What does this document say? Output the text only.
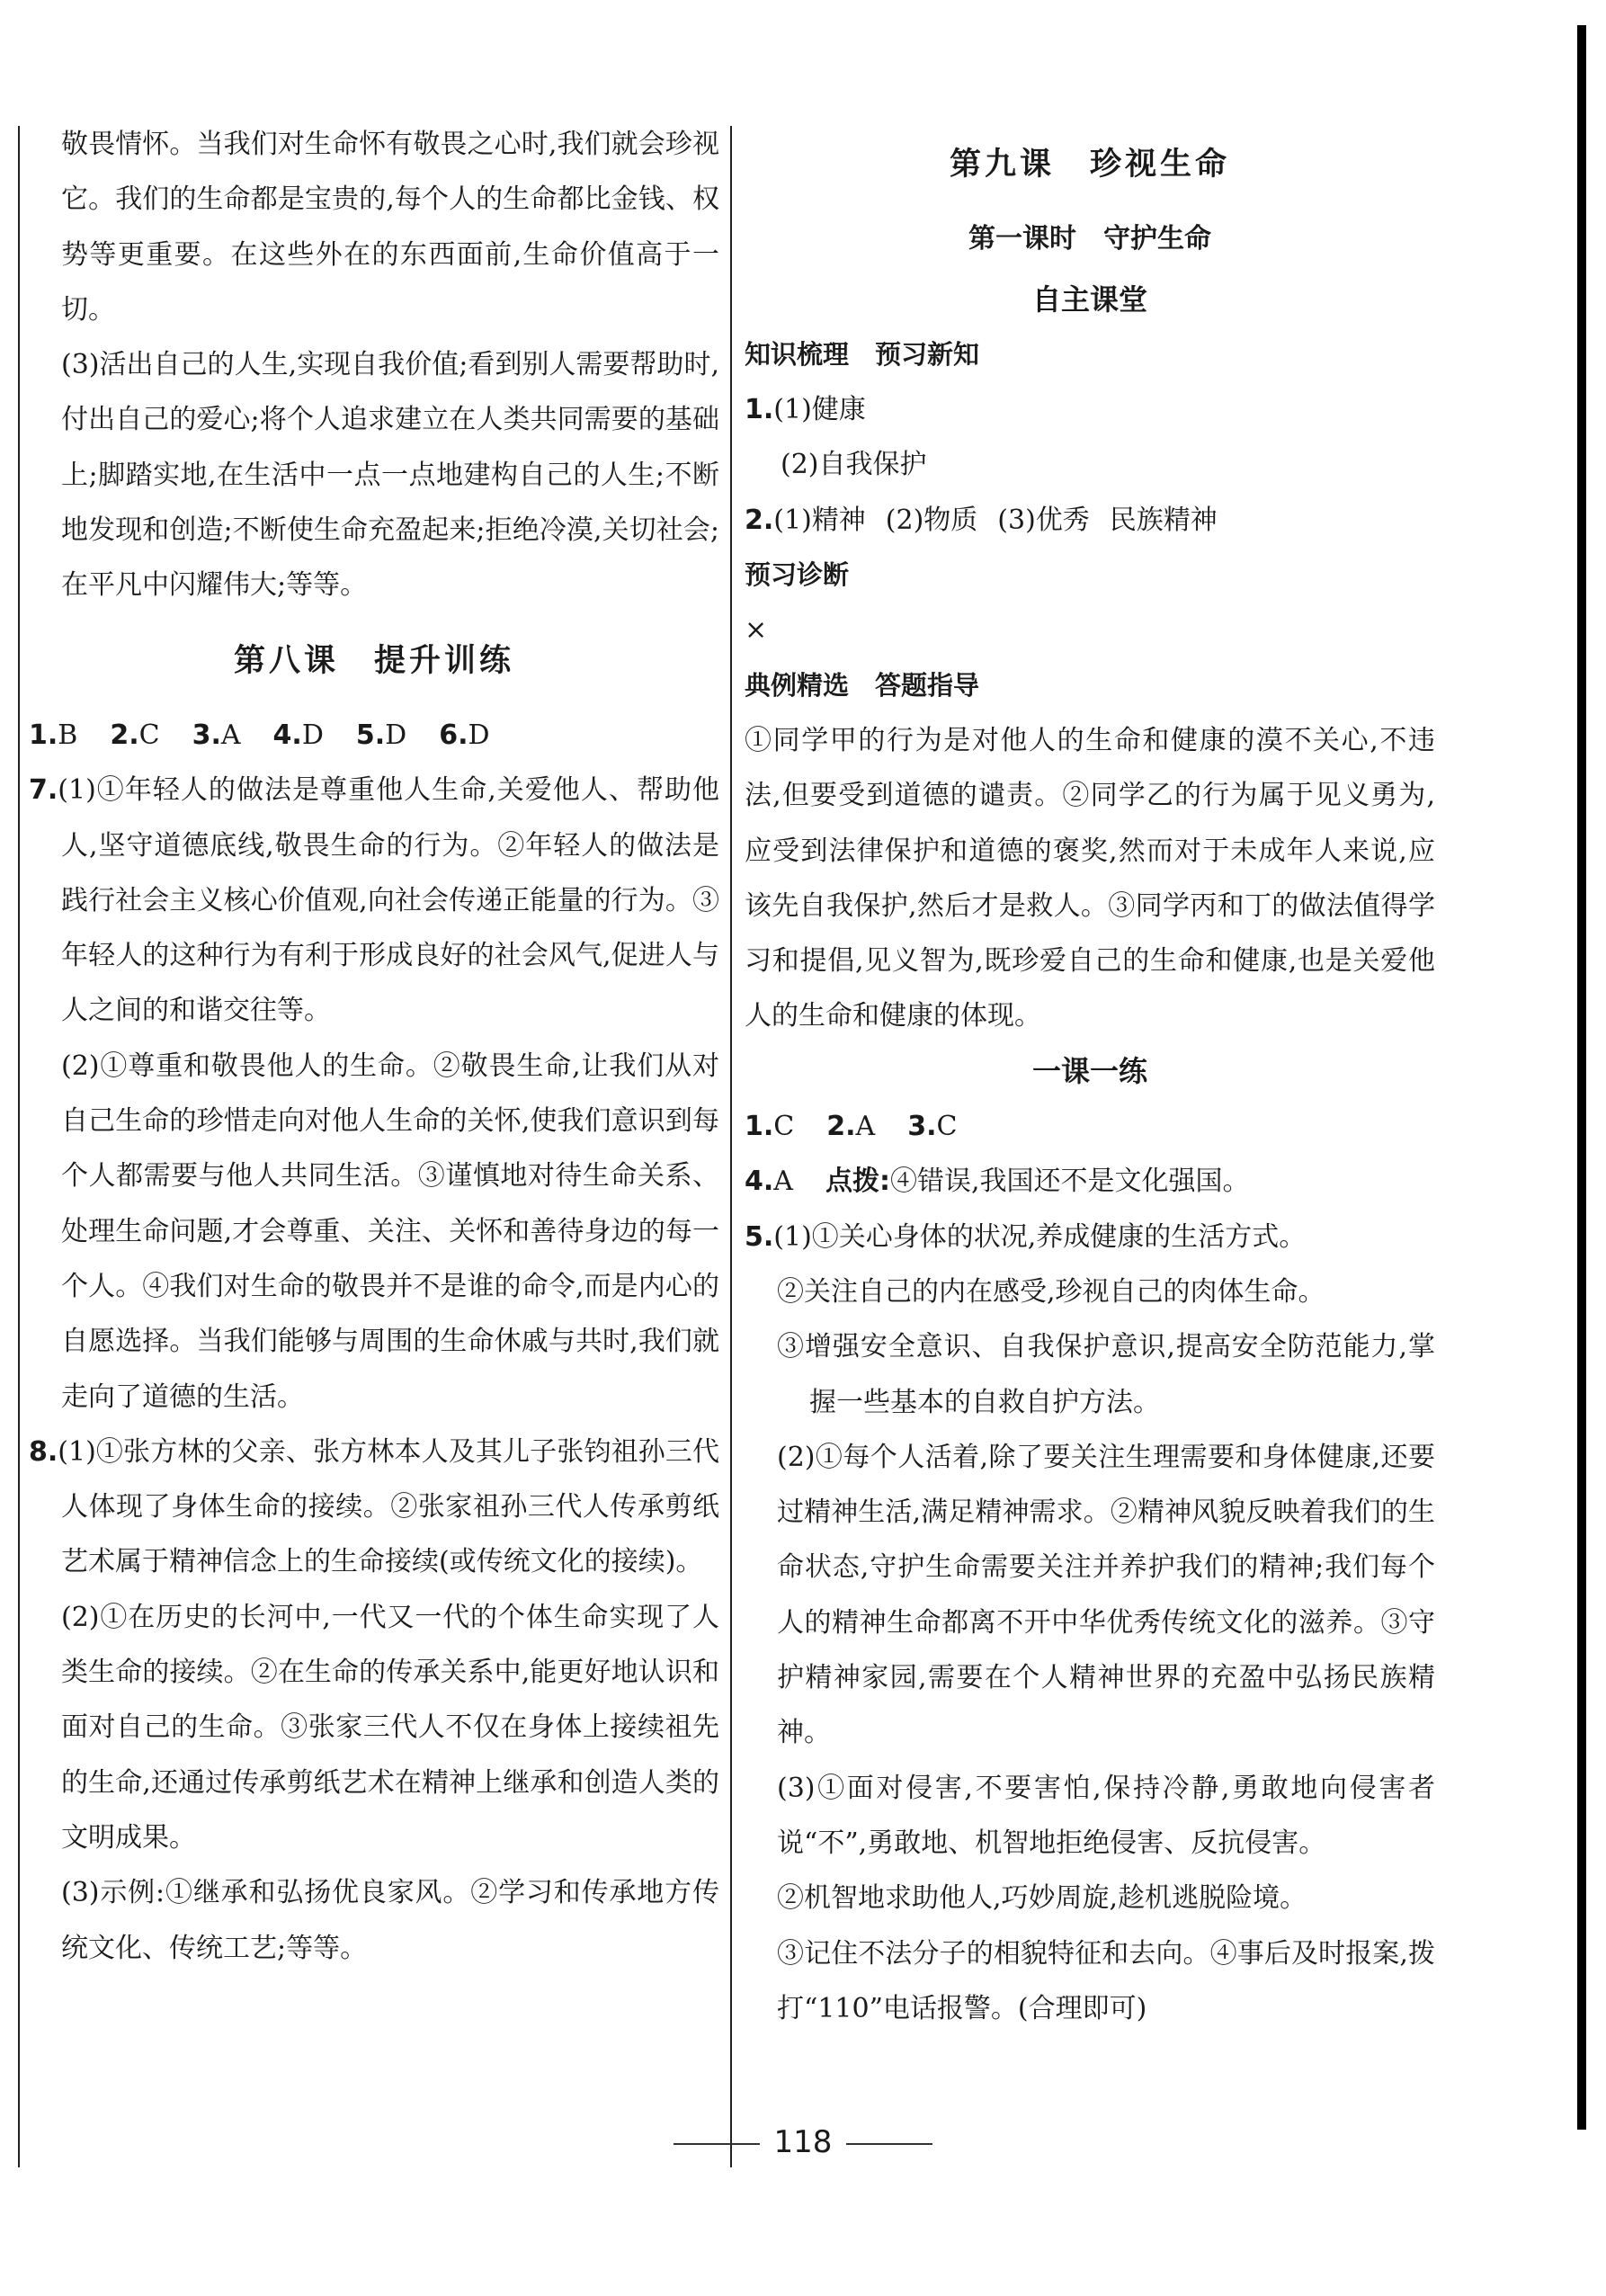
敬畏情怀。当我们对生命怀有敬畏之心时,我们就会珍视它。我们的生命都是宝贵的,每个人的生命都比金钱、权势等更重要。在这些外在的东西面前,生命价值高于一切。

(3)活出自己的人生,实现自我价值;看到别人需要帮助时,付出自己的爱心;将个人追求建立在人类共同需要的基础上;脚踏实地,在生活中一点一点地建构自己的人生;不断地发现和创造;不断使生命充盈起来;拒绝冷漠,关切社会;在平凡中闪耀伟大;等等。

第八课　提升训练

1.B 2.C 3.A 4.D 5.D 6.D

7.(1)①年轻人的做法是尊重他人生命,关爱他人、帮助他人,坚守道德底线,敬畏生命的行为。②年轻人的做法是践行社会主义核心价值观,向社会传递正能量的行为。③年轻人的这种行为有利于形成良好的社会风气,促进人与人之间的和谐交往等。

(2)①尊重和敬畏他人的生命。②敬畏生命,让我们从对自己生命的珍惜走向对他人生命的关怀,使我们意识到每个人都需要与他人共同生活。③谨慎地对待生命关系、处理生命问题,才会尊重、关注、关怀和善待身边的每一个人。④我们对生命的敬畏并不是谁的命令,而是内心的自愿选择。当我们能够与周围的生命休戚与共时,我们就走向了道德的生活。

8.(1)①张方林的父亲、张方林本人及其儿子张钧祖孙三代人体现了身体生命的接续。②张家祖孙三代人传承剪纸艺术属于精神信念上的生命接续(或传统文化的接续)。

(2)①在历史的长河中,一代又一代的个体生命实现了人类生命的接续。②在生命的传承关系中,能更好地认识和面对自己的生命。③张家三代人不仅在身体上接续祖先的生命,还通过传承剪纸艺术在精神上继承和创造人类的文明成果。

(3)示例:①继承和弘扬优良家风。②学习和传承地方传统文化、传统工艺;等等。

第九课　珍视生命

第一课时　守护生命

自主课堂

知识梳理　预习新知

1.(1)健康

(2)自我保护

2.(1)精神 (2)物质 (3)优秀 民族精神

预习诊断

×

典例精选　答题指导

①同学甲的行为是对他人的生命和健康的漠不关心,不违法,但要受到道德的谴责。②同学乙的行为属于见义勇为,应受到法律保护和道德的褒奖,然而对于未成年人来说,应该先自我保护,然后才是救人。③同学丙和丁的做法值得学习和提倡,见义智为,既珍爱自己的生命和健康,也是关爱他人的生命和健康的体现。

一课一练

1.C 2.A 3.C

4.A 点拨:④错误,我国还不是文化强国。

5.(1)①关心身体的状况,养成健康的生活方式。

②关注自己的内在感受,珍视自己的肉体生命。

③增强安全意识、自我保护意识,提高安全防范能力,掌握一些基本的自救自护方法。

(2)①每个人活着,除了要关注生理需要和身体健康,还要过精神生活,满足精神需求。②精神风貌反映着我们的生命状态,守护生命需要关注并养护我们的精神;我们每个人的精神生命都离不开中华优秀传统文化的滋养。③守护精神家园,需要在个人精神世界的充盈中弘扬民族精神。

(3)①面对侵害,不要害怕,保持冷静,勇敢地向侵害者说“不”,勇敢地、机智地拒绝侵害、反抗侵害。

②机智地求助他人,巧妙周旋,趁机逃脱险境。

③记住不法分子的相貌特征和去向。④事后及时报案,拨打“110”电话报警。(合理即可)

118
